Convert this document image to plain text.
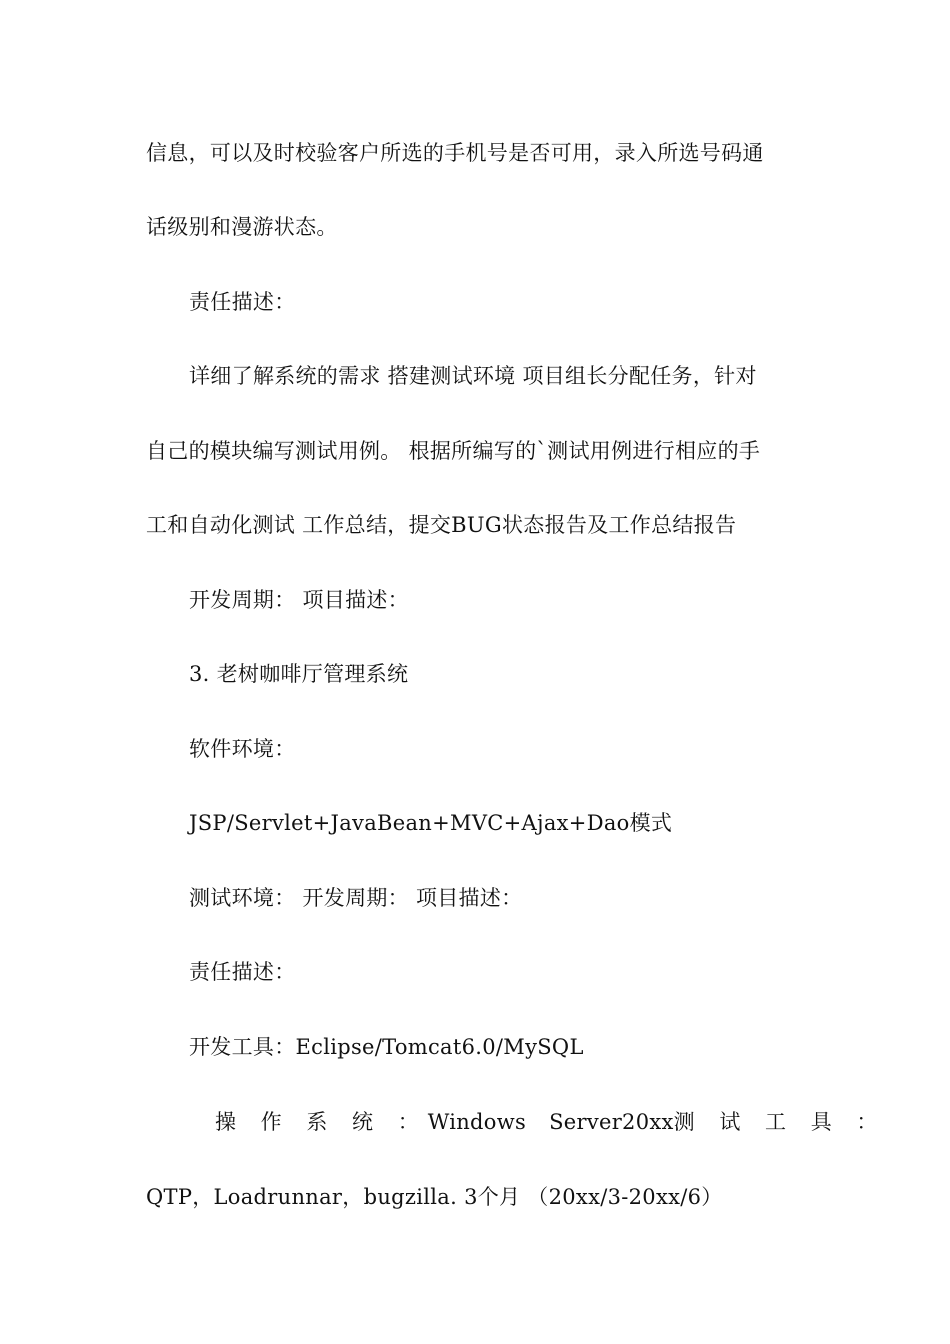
信息，可以及时校验客户所选的手机号是否可用，录入所选号码通
话级别和漫游状态。
责任描述：
详细了解系统的需求 搭建测试环境 项目组长分配任务，针对
自己的模块编写测试用例。 根据所编写的`测试用例进行相应的手
工和自动化测试 工作总结，提交BUG状态报告及工作总结报告
开发周期： 项目描述：
3. 老树咖啡厅管理系统
软件环境：
JSP/Servlet+JavaBean+MVC+Ajax+Dao模式
测试环境： 开发周期： 项目描述：
责任描述：
开发工具：Eclipse/Tomcat6.0/MySQL
操 作 系 统 ： Windows Server20xx 测 试 工 具 ：
QTP，Loadrunnar，bugzilla. 3个月 （20xx/3-20xx/6）
